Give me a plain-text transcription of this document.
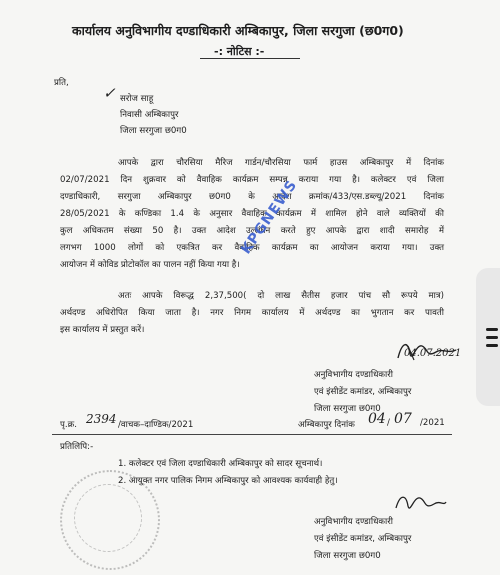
कार्यालय अनुविभागीय दण्डाधिकारी अम्बिकापुर, जिला सरगुजा (छ0ग0)
-: नोटिस :-
प्रति,
✓ सरोज साहू
निवासी अम्बिकापुर
जिला सरगुजा छ0ग0
आपके द्वारा चौरसिया मैरिज गार्डन/चौरसिया फार्म हाउस अम्बिकापुर में दिनांक
02/07/2021 दिन शुक्रवार को वैवाहिक कार्यक्रम सम्पन्न कराया गया है। कलेक्टर एवं जिला
दण्डाधिकारी, सरगुजा अम्बिकापुर छ0ग0 के आदेश क्रमांक/433/एस.डब्ल्यू/2021 दिनांक
28/05/2021 के कण्डिका 1.4 के अनुसार वैवाहिक कार्यक्रम में शामिल होने वाले व्यक्तियों की
कुल अधिकतम संख्या 50 है। उक्त आदेश उल्लंघन करते हुए आपके द्वारा शादी समारोह में
लगभग 1000 लोगों को एकत्रित कर वैवाहिक कार्यक्रम का आयोजन कराया गया। उक्त
आयोजन में कोविड प्रोटोकॉल का पालन नहीं किया गया है।
अतः आपके विरूद्ध 2,37,500( दो लाख सैतीस हजार पांच सौ रूपये मात्र)
अर्थदण्ड अधिरोपित किया जाता है। नगर निगम कार्यालय में अर्थदण्ड का भुगतान कर पावती
इस कार्यालय में प्रस्तुत करें।
KPGNEWS
04.07.2021
अनुविभागीय दण्डाधिकारी
एवं इंसीडेंट कमांडर, अम्बिकापुर
जिला सरगुजा छ0ग0
पृ.क्र. 2394 /वाचक–दाण्डिक/2021	अम्बिकापुर दिनांक 04 / 07 /2021
प्रतिलिपि:-
1. कलेक्टर एवं जिला दण्डाधिकारी अम्बिकापुर को सादर सूचनार्थ।
2. आयुक्त नगर पालिक निगम अम्बिकापुर को आवश्यक कार्यवाही हेतु।
अनुविभागीय दण्डाधिकारी
एवं इंसीडेंट कमांडर, अम्बिकापुर
जिला सरगुजा छ0ग0
